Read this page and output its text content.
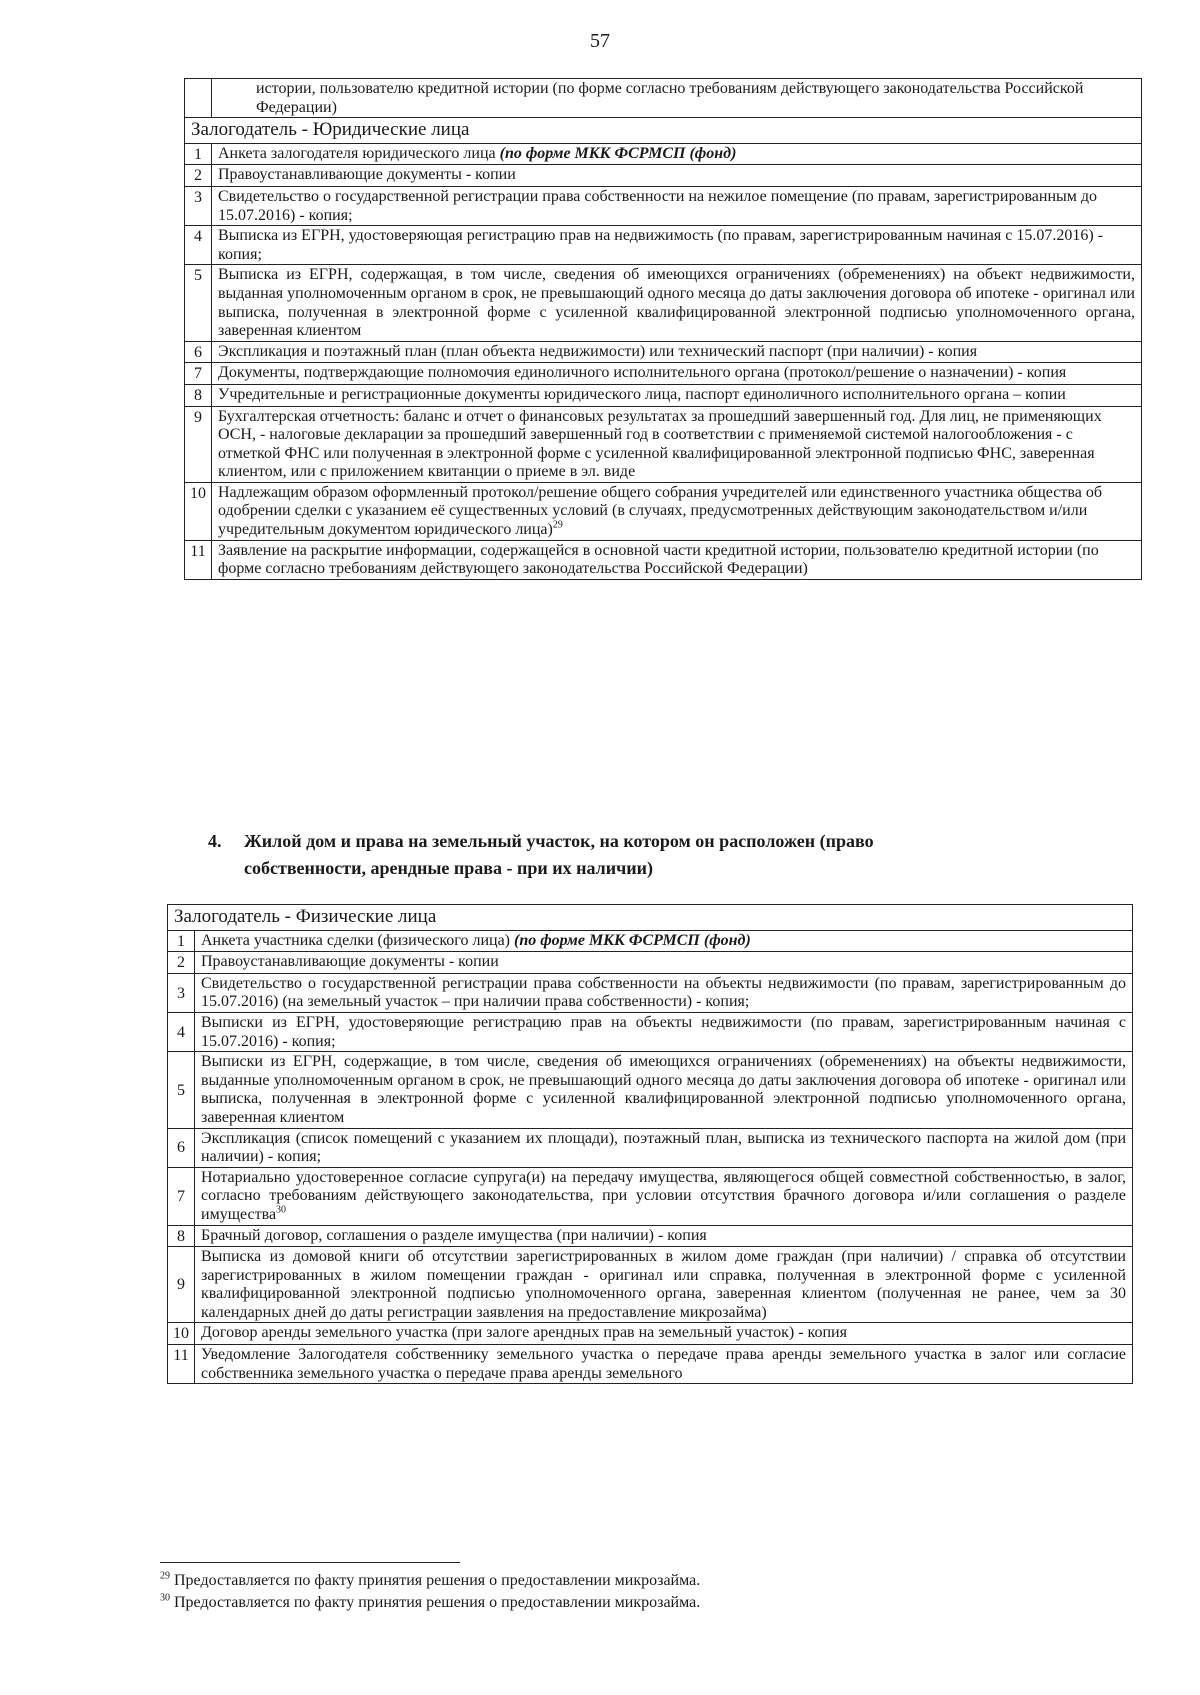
57
	истории, пользователю кредитной истории (по форме согласно требованиям действующего законодательства Российской Федерации)
Залогодатель - Юридические лица	
1	Анкета залогодателя юридического лица (по форме МКК ФСРМСП (фонд)
2	Правоустанавливающие документы - копии
3	Свидетельство о государственной регистрации права собственности на нежилое помещение (по правам, зарегистрированным до 15.07.2016) - копия;
4	Выписка из ЕГРН, удостоверяющая регистрацию прав на недвижимость (по правам, зарегистрированным начиная с 15.07.2016) - копия;
5	Выписка из ЕГРН, содержащая, в том числе, сведения об имеющихся ограничениях (обременениях) на объект недвижимости, выданная уполномоченным органом в срок, не превышающий одного месяца до даты заключения договора об ипотеке - оригинал или выписка, полученная в электронной форме с усиленной квалифицированной электронной подписью уполномоченного органа, заверенная клиентом
6	Экспликация и поэтажный план (план объекта недвижимости) или технический паспорт (при наличии) - копия
7	Документы, подтверждающие полномочия единоличного исполнительного органа (протокол/решение о назначении) - копия
8	Учредительные и регистрационные документы юридического лица, паспорт единоличного исполнительного органа – копии
9	Бухгалтерская отчетность: баланс и отчет о финансовых результатах за прошедший завершенный год. Для лиц, не применяющих ОСН, - налоговые декларации за прошедший завершенный год в соответствии с применяемой системой налогообложения - с отметкой ФНС или полученная в электронной форме с усиленной квалифицированной электронной подписью ФНС, заверенная клиентом, или с приложением квитанции о приеме в эл. виде
10	Надлежащим образом оформленный протокол/решение общего собрания учредителей или единственного участника общества об одобрении сделки с указанием её существенных условий (в случаях, предусмотренных действующим законодательством и/или учредительным документом юридического лица)$^{29}$
11	Заявление на раскрытие информации, содержащейся в основной части кредитной истории, пользователю кредитной истории (по форме согласно требованиям действующего законодательства Российской Федерации)
4. Жилой дом и права на земельный участок, на котором он расположен (право
собственности, арендные права - при их наличии)
Залогодатель - Физические лица	
1	Анкета участника сделки (физического лица) (по форме МКК ФСРМСП (фонд)
2	Правоустанавливающие документы - копии
3	Свидетельство о государственной регистрации права собственности на объекты недвижимости (по правам, зарегистрированным до 15.07.2016) (на земельный участок – при наличии права собственности) - копия;
4	Выписки из ЕГРН, удостоверяющие регистрацию прав на объекты недвижимости (по правам, зарегистрированным начиная с 15.07.2016) - копия;
5	Выписки из ЕГРН, содержащие, в том числе, сведения об имеющихся ограничениях (обременениях) на объекты недвижимости, выданные уполномоченным органом в срок, не превышающий одного месяца до даты заключения договора об ипотеке - оригинал или выписка, полученная в электронной форме с усиленной квалифицированной электронной подписью уполномоченного органа, заверенная клиентом
6	Экспликация (список помещений с указанием их площади), поэтажный план, выписка из технического паспорта на жилой дом (при наличии) - копия;
7	Нотариально удостоверенное согласие супруга(и) на передачу имущества, являющегося общей совместной собственностью, в залог, согласно требованиям действующего законодательства, при условии отсутствия брачного договора и/или соглашения о разделе имущества$^{30}$
8	Брачный договор, соглашения о разделе имущества (при наличии) - копия
9	Выписка из домовой книги об отсутствии зарегистрированных в жилом доме граждан (при наличии) / справка об отсутствии зарегистрированных в жилом помещении граждан - оригинал или справка, полученная в электронной форме с усиленной квалифицированной электронной подписью уполномоченного органа, заверенная клиентом (полученная не ранее, чем за 30 календарных дней до даты регистрации заявления на предоставление микрозайма)
10	Договор аренды земельного участка (при залоге арендных прав на земельный участок) - копия
11	Уведомление Залогодателя собственнику земельного участка о передаче права аренды земельного участка в залог или согласие собственника земельного участка о передаче права аренды земельного
$^{29}$ Предоставляется по факту принятия решения о предоставлении микрозайма.
$^{30}$ Предоставляется по факту принятия решения о предоставлении микрозайма.
